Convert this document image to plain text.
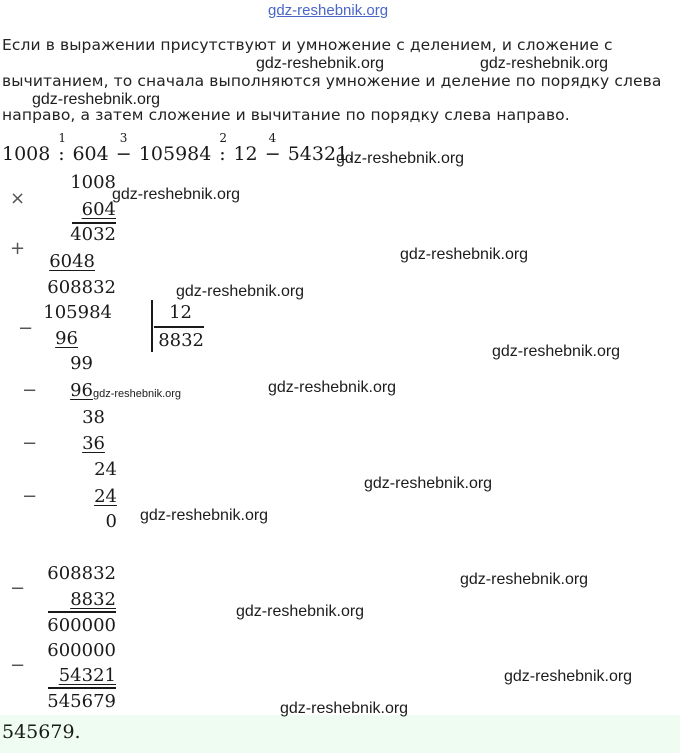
gdz-reshebnik.org
Если в выражении присутствуют и умножение с делением, и сложение с
вычитанием, то сначала выполняются умножение и деление по порядку слева
направо, а затем сложение и вычитание по порядку слева направо.
gdz-reshebnik.org	gdz-reshebnik.org
gdz-reshebnik.org
1008
1
: 604
3
− 105984
2
: 12
4
− 54321.
gdz-reshebnik.org
×
1008
604
4032
+
6048
608832
gdz-reshebnik.org
gdz-reshebnik.org
gdz-reshebnik.org
−
105984	12
8832
96
99
−	96
38
−	36
24
−	24
0
gdz-reshebnik.org
gdz-reshebnik.org	gdz-reshebnik.org
gdz-reshebnik.org
gdz-reshebnik.org
−
608832
8832
600000
gdz-reshebnik.org
gdz-reshebnik.org
−
600000
54321
545679
gdz-reshebnik.org
545679.
gdz-reshebnik.org
